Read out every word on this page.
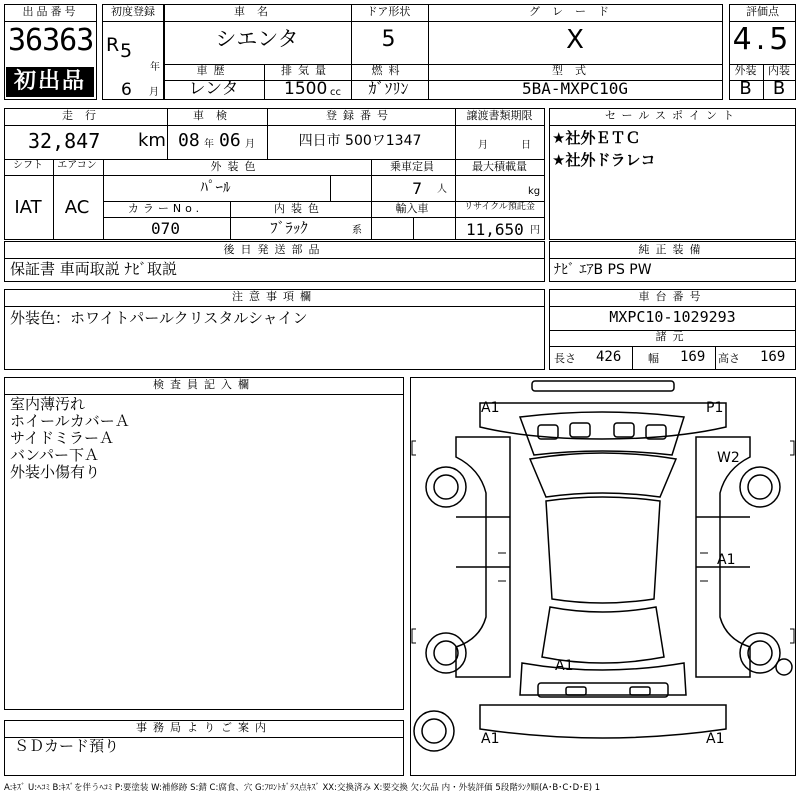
出品番号
36363
初出品
初度登録
R 5
年
6 月
車名
シエンタ
ドア形状
5
グレード
X
車歴
レンタ
排気量
1500 cc
燃料
ｶﾞｿﾘﾝ
型式
5BA-MXPC10G
評価点
4.5
外装	内装
B	B
走行
32,847 km
車検
08 年 06 月
登録番号
四日市 500ワ1347
譲渡書類期限
月	日
シフト
IAT
エアコン
AC
外装色
ﾊﾟｰﾙ
乗車定員
7 人
最大積載量
kg
カラーNo.
070
内装色
ﾌﾞﾗｯｸ	系
輸入車	リサイクル預託金
11,650 円
セールスポイント
★社外ＥＴＣ
★社外ドラレコ
後日発送部品
保証書 車両取説 ﾅﾋﾞ取説
純正装備
ﾅﾋﾞ ｴｱB PS PW
注意事項欄
外装色：ホワイトパールクリスタルシャイン
車台番号
MXPC10-1029293
諸元
長さ 426 幅 169 高さ 169
検査員記入欄
室内薄汚れ
ホイールカバーＡ
サイドミラーＡ
バンパー下Ａ
外装小傷有り
事務局よりご案内
ＳＤカード預り
A1	P1
W2
A1
A1
A1	A1
A:ｷｽﾞ U:ﾍｺﾐ B:ｷｽﾞを伴うﾍｺﾐ P:要塗装 W:補修跡 S:錆 C:腐食、穴 G:ﾌﾛﾝﾄｶﾞﾗｽ点ｷｽﾞ XX:交換済み X:要交換 欠:欠品 内・外装評価 5段階ﾗﾝｸ順(A･B･C･D･E) 1
